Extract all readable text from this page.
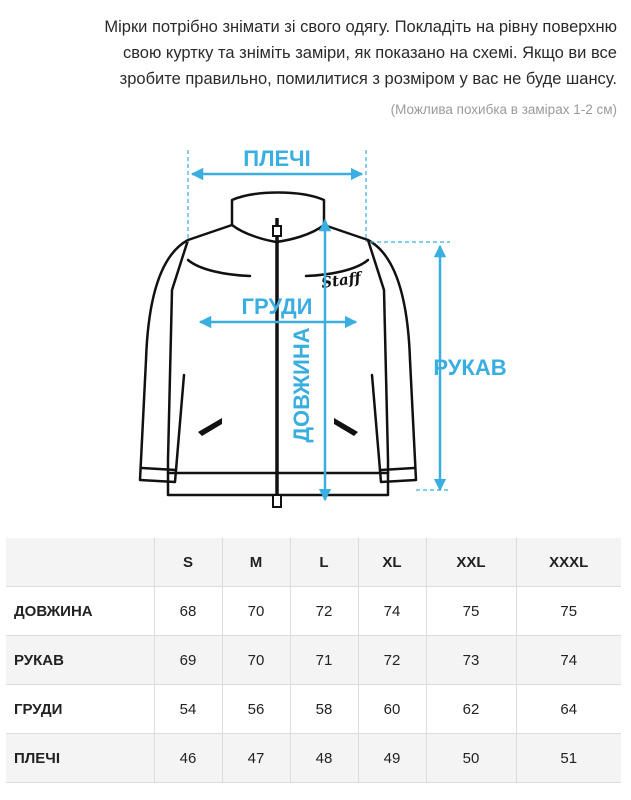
Мірки потрібно знімати зі свого одягу. Покладіть на рівну поверхню
свою куртку та зніміть заміри, як показано на схемі. Якщо ви все
зробите правильно, помилитися з розміром у вас не буде шансу.
(Можлива похибка в замірах 1-2 см)
Staff
ПЛЕЧІ
ГРУДИ
ДОВЖИНА	РУКАВ
	S	M	L	XL	XXL	XXXL
ДОВЖИНА	68	70	72	74	75	75
РУКАВ	69	70	71	72	73	74
ГРУДИ	54	56	58	60	62	64
ПЛЕЧІ	46	47	48	49	50	51
